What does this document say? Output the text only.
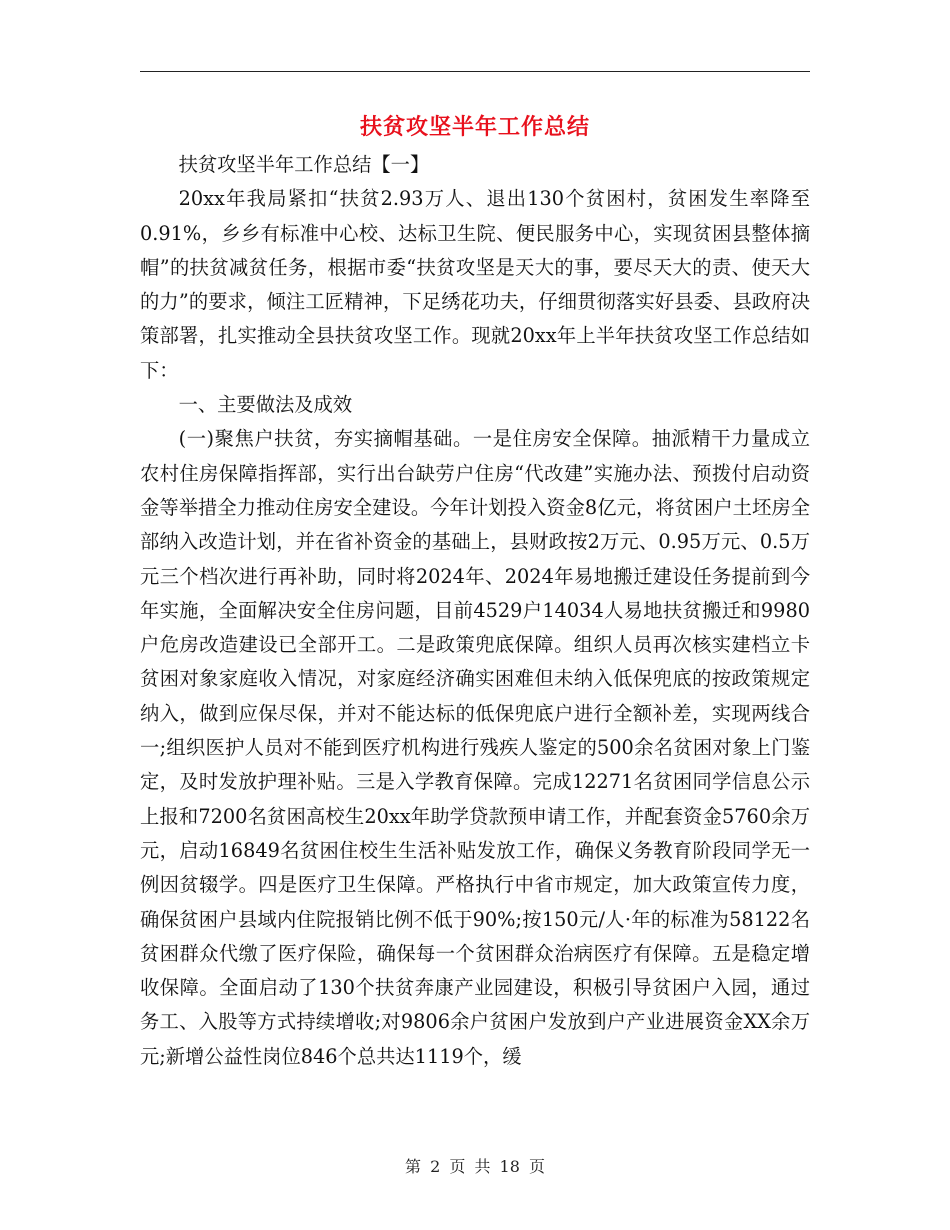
扶贫攻坚半年工作总结

扶贫攻坚半年工作总结【一】

20xx年我局紧扣“扶贫2.93万人、退出130个贫困村，贫困发生率降至0.91%，乡乡有标准中心校、达标卫生院、便民服务中心，实现贫困县整体摘帽”的扶贫减贫任务，根据市委“扶贫攻坚是天大的事，要尽天大的责、使天大的力”的要求，倾注工匠精神，下足绣花功夫，仔细贯彻落实好县委、县政府决策部署，扎实推动全县扶贫攻坚工作。现就20xx年上半年扶贫攻坚工作总结如下：

一、主要做法及成效

(一)聚焦户扶贫，夯实摘帽基础。一是住房安全保障。抽派精干力量成立农村住房保障指挥部，实行出台缺劳户住房“代改建”实施办法、预拨付启动资金等举措全力推动住房安全建设。今年计划投入资金8亿元，将贫困户土坯房全部纳入改造计划，并在省补资金的基础上，县财政按2万元、0.95万元、0.5万元三个档次进行再补助，同时将2024年、2024年易地搬迁建设任务提前到今年实施，全面解决安全住房问题，目前4529户14034人易地扶贫搬迁和9980户危房改造建设已全部开工。二是政策兜底保障。组织人员再次核实建档立卡贫困对象家庭收入情况，对家庭经济确实困难但未纳入低保兜底的按政策规定纳入，做到应保尽保，并对不能达标的低保兜底户进行全额补差，实现两线合一;组织医护人员对不能到医疗机构进行残疾人鉴定的500余名贫困对象上门鉴定，及时发放护理补贴。三是入学教育保障。完成12271名贫困同学信息公示上报和7200名贫困高校生20xx年助学贷款预申请工作，并配套资金5760余万元，启动16849名贫困住校生生活补贴发放工作，确保义务教育阶段同学无一例因贫辍学。四是医疗卫生保障。严格执行中省市规定，加大政策宣传力度，确保贫困户县域内住院报销比例不低于90%;按150元/人·年的标准为58122名贫困群众代缴了医疗保险，确保每一个贫困群众治病医疗有保障。五是稳定增收保障。全面启动了130个扶贫奔康产业园建设，积极引导贫困户入园，通过务工、入股等方式持续增收;对9806余户贫困户发放到户产业进展资金XX余万元;新增公益性岗位846个总共达1119个，缓

第 2 页 共 18 页
